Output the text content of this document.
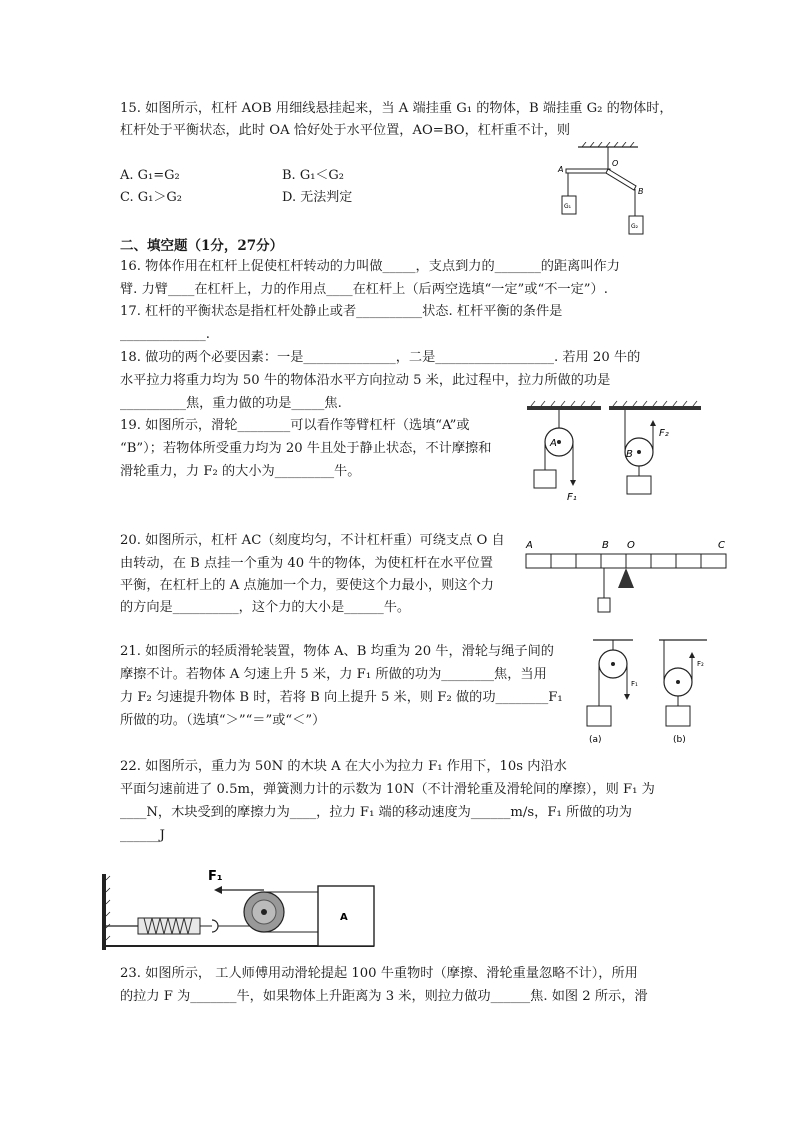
15. 如图所示，杠杆 AOB 用细线悬挂起来，当 A 端挂重 G₁ 的物体，B 端挂重 G₂ 的物体时，
杠杆处于平衡状态，此时 OA 恰好处于水平位置，AO=BO，杠杆重不计，则
A. G₁=G₂	B. G₁＜G₂
C. G₁＞G₂	D. 无法判定
A
O
B
G₁
G₂
二、填空题（1分，27分）
16. 物体作用在杠杆上促使杠杆转动的力叫做_____，支点到力的_______的距离叫作力
臂. 力臂____在杠杆上，力的作用点____在杠杆上（后两空选填“一定”或“不一定”）.
17. 杠杆的平衡状态是指杠杆处静止或者__________状态. 杠杆平衡的条件是
_____________.
18. 做功的两个必要因素：一是______________，二是__________________. 若用 20 牛的
水平拉力将重力均为 50 牛的物体沿水平方向拉动 5 米，此过程中，拉力所做的功是
__________焦，重力做的功是_____焦.
19. 如图所示，滑轮________可以看作等臂杠杆（选填“A”或
“B”）；若物体所受重力均为 20 牛且处于静止状态，不计摩擦和
滑轮重力，力 F₂ 的大小为_________牛。
A
F₁
B
F₂
20. 如图所示，杠杆 AC（刻度均匀，不计杠杆重）可绕支点 O 自
由转动，在 B 点挂一个重为 40 牛的物体，为使杠杆在水平位置
平衡，在杠杆上的 A 点施加一个力，要使这个力最小，则这个力
的方向是__________，这个力的大小是______牛。
A	B O	C
21. 如图所示的轻质滑轮装置，物体 A、B 均重为 20 牛，滑轮与绳子间的
摩擦不计。若物体 A 匀速上升 5 米，力 F₁ 所做的功为________焦，当用
力 F₂ 匀速提升物体 B 时，若将 B 向上提升 5 米，则 F₂ 做的功________F₁
所做的功。（选填“＞”“＝”或“＜”）
F₁
(a)
F₂
(b)
22. 如图所示，重力为 50N 的木块 A 在大小为拉力 F₁ 作用下，10s 内沿水
平面匀速前进了 0.5m，弹簧测力计的示数为 10N（不计滑轮重及滑轮间的摩擦），则 F₁ 为
____N，木块受到的摩擦力为____，拉力 F₁ 端的移动速度为______m/s，F₁ 所做的功为
______J
F₁
A
23. 如图所示， 工人师傅用动滑轮提起 100 牛重物时（摩擦、滑轮重量忽略不计），所用
的拉力 F 为_______牛，如果物体上升距离为 3 米，则拉力做功______焦. 如图 2 所示，滑
